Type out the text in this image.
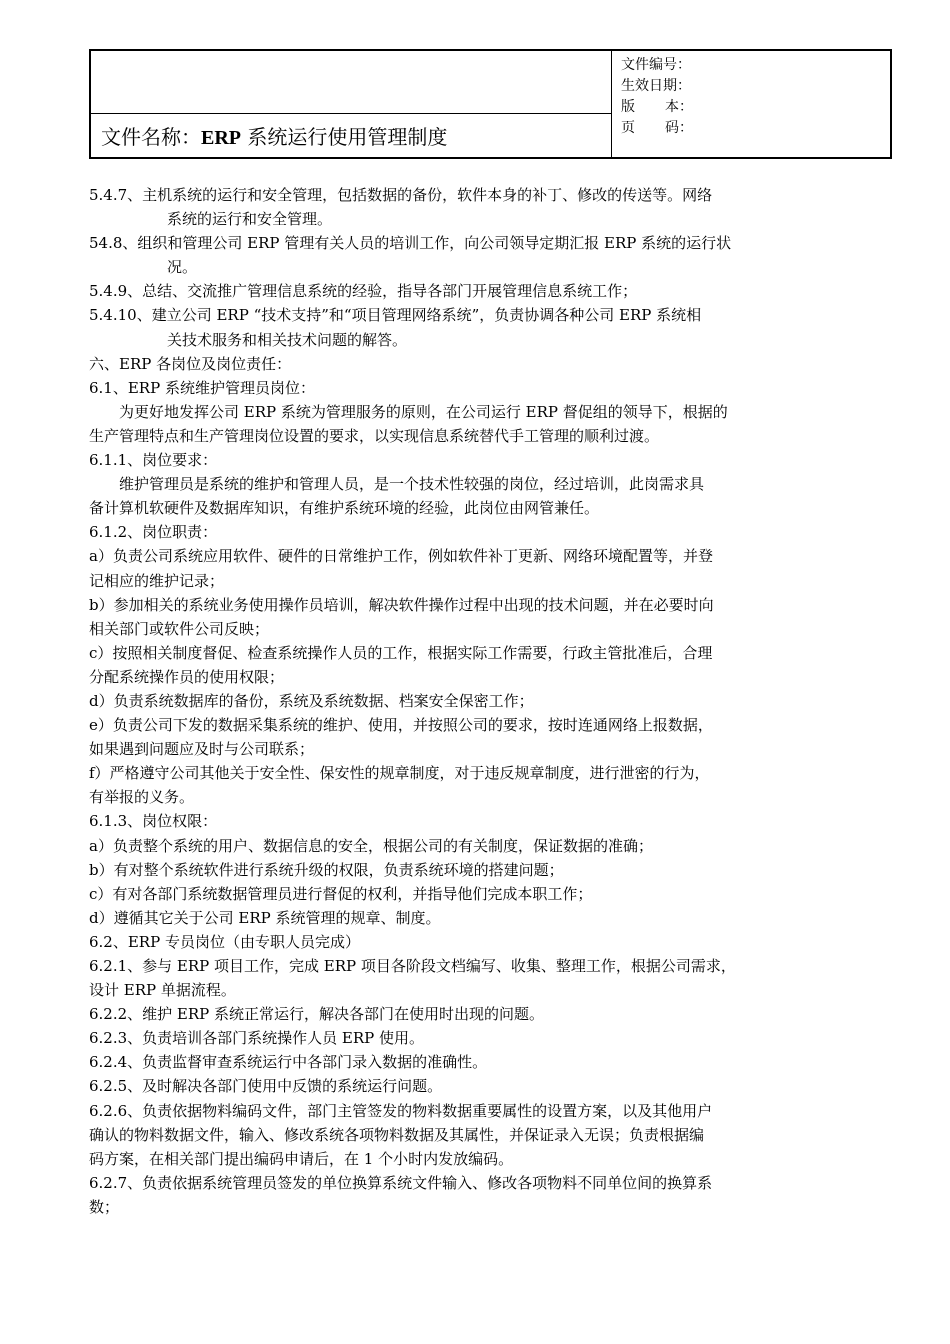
文件名称：ERP 系统运行使用管理制度
文件编号：
生效日期：
版	本：
页	码：

5.4.7、主机系统的运行和安全管理，包括数据的备份，软件本身的补丁、修改的传送等。网络

系统的运行和安全管理。

54.8、组织和管理公司 ERP 管理有关人员的培训工作，向公司领导定期汇报 ERP 系统的运行状

况。

5.4.9、总结、交流推广管理信息系统的经验，指导各部门开展管理信息系统工作；

5.4.10、建立公司 ERP “技术支持”和“项目管理网络系统”，负责协调各种公司 ERP 系统相

关技术服务和相关技术问题的解答。

六、ERP 各岗位及岗位责任：

6.1、ERP 系统维护管理员岗位：

为更好地发挥公司 ERP 系统为管理服务的原则，在公司运行 ERP 督促组的领导下，根据的

生产管理特点和生产管理岗位设置的要求，以实现信息系统替代手工管理的顺利过渡。

6.1.1、岗位要求：

维护管理员是系统的维护和管理人员，是一个技术性较强的岗位，经过培训，此岗需求具

备计算机软硬件及数据库知识，有维护系统环境的经验，此岗位由网管兼任。

6.1.2、岗位职责：

a）负责公司系统应用软件、硬件的日常维护工作，例如软件补丁更新、网络环境配置等，并登

记相应的维护记录；

b）参加相关的系统业务使用操作员培训，解决软件操作过程中出现的技术问题，并在必要时向

相关部门或软件公司反映；

c）按照相关制度督促、检查系统操作人员的工作，根据实际工作需要，行政主管批准后，合理

分配系统操作员的使用权限；

d）负责系统数据库的备份，系统及系统数据、档案安全保密工作；

e）负责公司下发的数据采集系统的维护、使用，并按照公司的要求，按时连通网络上报数据，

如果遇到问题应及时与公司联系；

f）严格遵守公司其他关于安全性、保安性的规章制度，对于违反规章制度，进行泄密的行为，

有举报的义务。

6.1.3、岗位权限：

a）负责整个系统的用户、数据信息的安全，根据公司的有关制度，保证数据的准确；

b）有对整个系统软件进行系统升级的权限，负责系统环境的搭建问题；

c）有对各部门系统数据管理员进行督促的权利，并指导他们完成本职工作；

d）遵循其它关于公司 ERP 系统管理的规章、制度。

6.2、ERP 专员岗位（由专职人员完成）

6.2.1、参与 ERP 项目工作，完成 ERP 项目各阶段文档编写、收集、整理工作，根据公司需求，

设计 ERP 单据流程。

6.2.2、维护 ERP 系统正常运行，解决各部门在使用时出现的问题。

6.2.3、负责培训各部门系统操作人员 ERP 使用。

6.2.4、负责监督审查系统运行中各部门录入数据的准确性。

6.2.5、及时解决各部门使用中反馈的系统运行问题。

6.2.6、负责依据物料编码文件，部门主管签发的物料数据重要属性的设置方案，以及其他用户

确认的物料数据文件，输入、修改系统各项物料数据及其属性，并保证录入无误；负责根据编

码方案，在相关部门提出编码申请后，在 1 个小时内发放编码。

6.2.7、负责依据系统管理员签发的单位换算系统文件输入、修改各项物料不同单位间的换算系

数；
